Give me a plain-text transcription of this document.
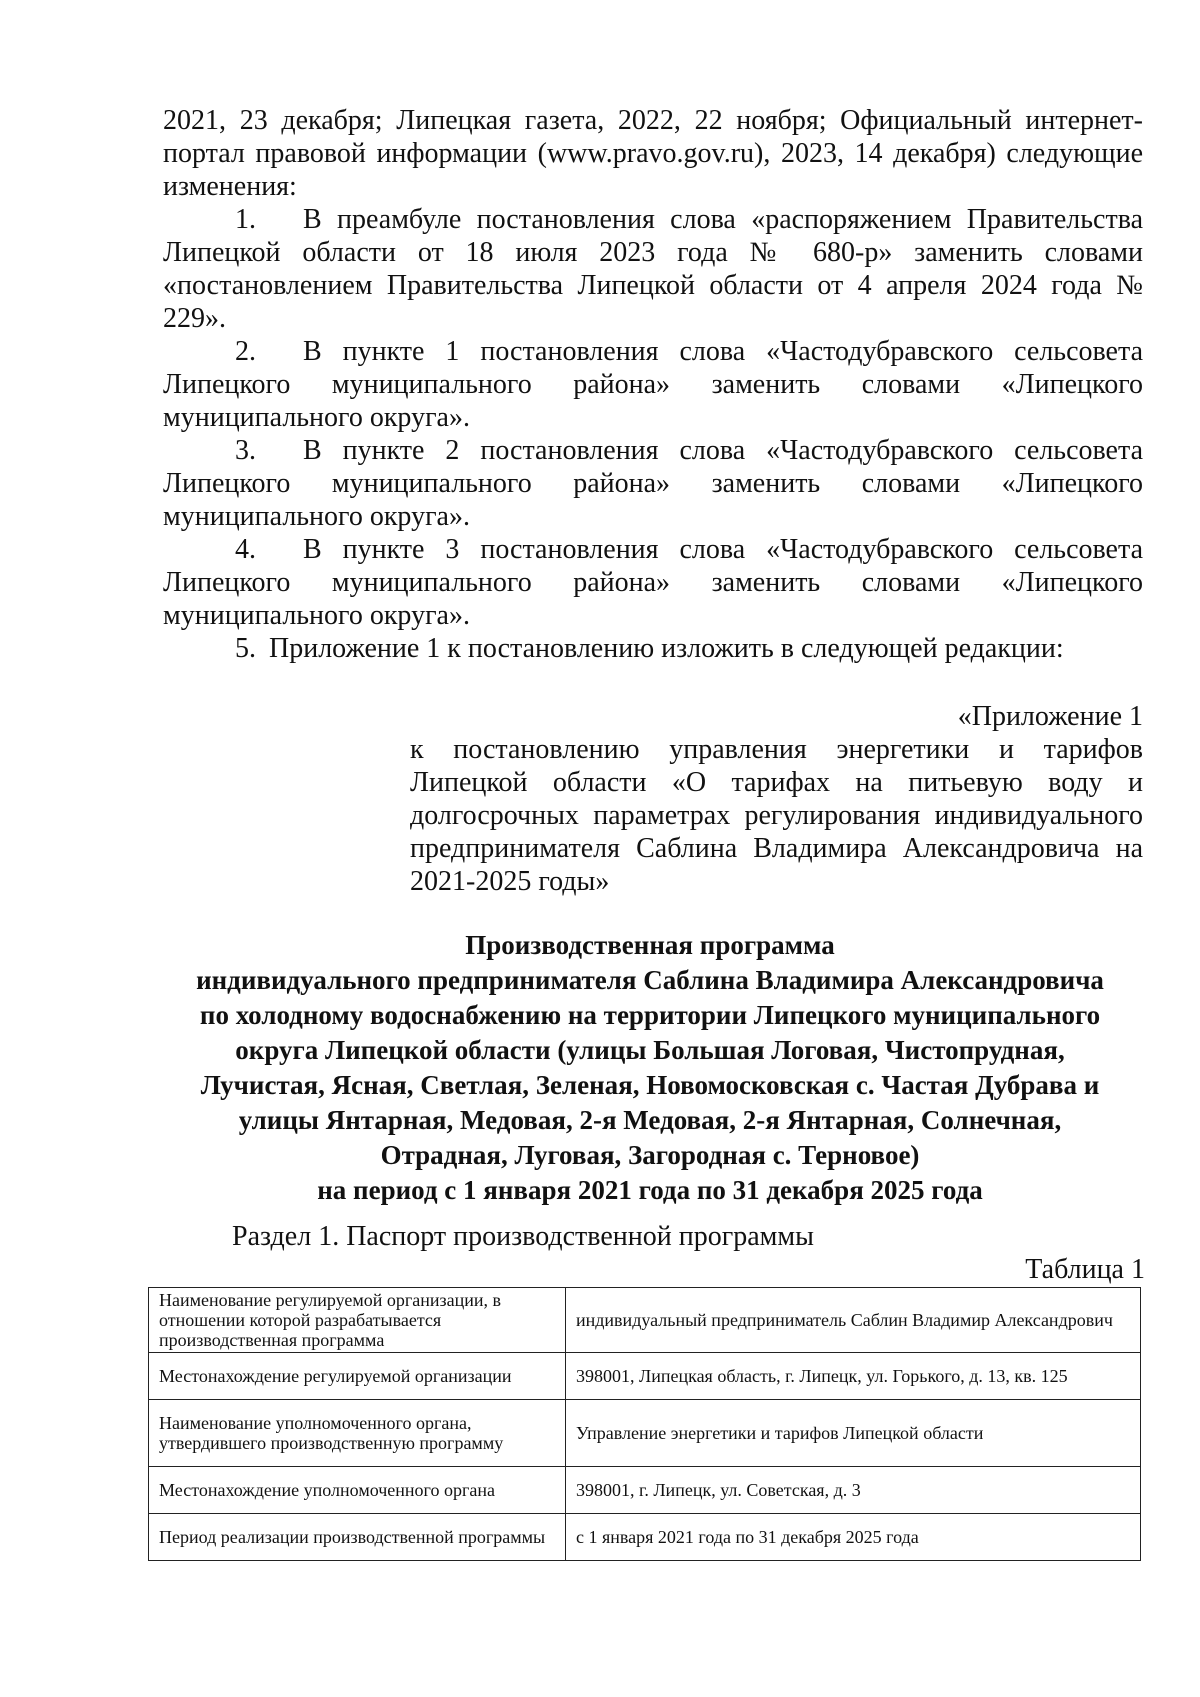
2021, 23 декабря; Липецкая газета, 2022, 22 ноября; Официальный интернет-портал правовой информации (www.pravo.gov.ru), 2023, 14 декабря) следующие изменения:
1. В преамбуле постановления слова «распоряжением Правительства Липецкой области от 18 июля 2023 года № 680-р» заменить словами «постановлением Правительства Липецкой области от 4 апреля 2024 года № 229».
2. В пункте 1 постановления слова «Частодубравского сельсовета Липецкого муниципального района» заменить словами «Липецкого муниципального округа».
3. В пункте 2 постановления слова «Частодубравского сельсовета Липецкого муниципального района» заменить словами «Липецкого муниципального округа».
4. В пункте 3 постановления слова «Частодубравского сельсовета Липецкого муниципального района» заменить словами «Липецкого муниципального округа».
5. Приложение 1 к постановлению изложить в следующей редакции:
«Приложение 1
к постановлению управления энергетики и тарифов Липецкой области «О тарифах на питьевую воду и долгосрочных параметрах регулирования индивидуального предпринимателя Саблина Владимира Александровича на 2021-2025 годы»
Производственная программа
индивидуального предпринимателя Саблина Владимира Александровича
по холодному водоснабжению на территории Липецкого муниципального
округа Липецкой области (улицы Большая Логовая, Чистопрудная,
Лучистая, Ясная, Светлая, Зеленая, Новомосковская с. Частая Дубрава и
улицы Янтарная, Медовая, 2-я Медовая, 2-я Янтарная, Солнечная,
Отрадная, Луговая, Загородная с. Терновое)
на период с 1 января 2021 года по 31 декабря 2025 года
Раздел 1. Паспорт производственной программы
Таблица 1
Наименование регулируемой организации, в отношении которой разрабатывается производственная программа	индивидуальный предприниматель Саблин Владимир Александрович
Местонахождение регулируемой организации	398001, Липецкая область, г. Липецк, ул. Горького, д. 13, кв. 125
Наименование уполномоченного органа, утвердившего производственную программу	Управление энергетики и тарифов Липецкой области
Местонахождение уполномоченного органа	398001, г. Липецк, ул. Советская, д. 3
Период реализации производственной программы	с 1 января 2021 года по 31 декабря 2025 года
